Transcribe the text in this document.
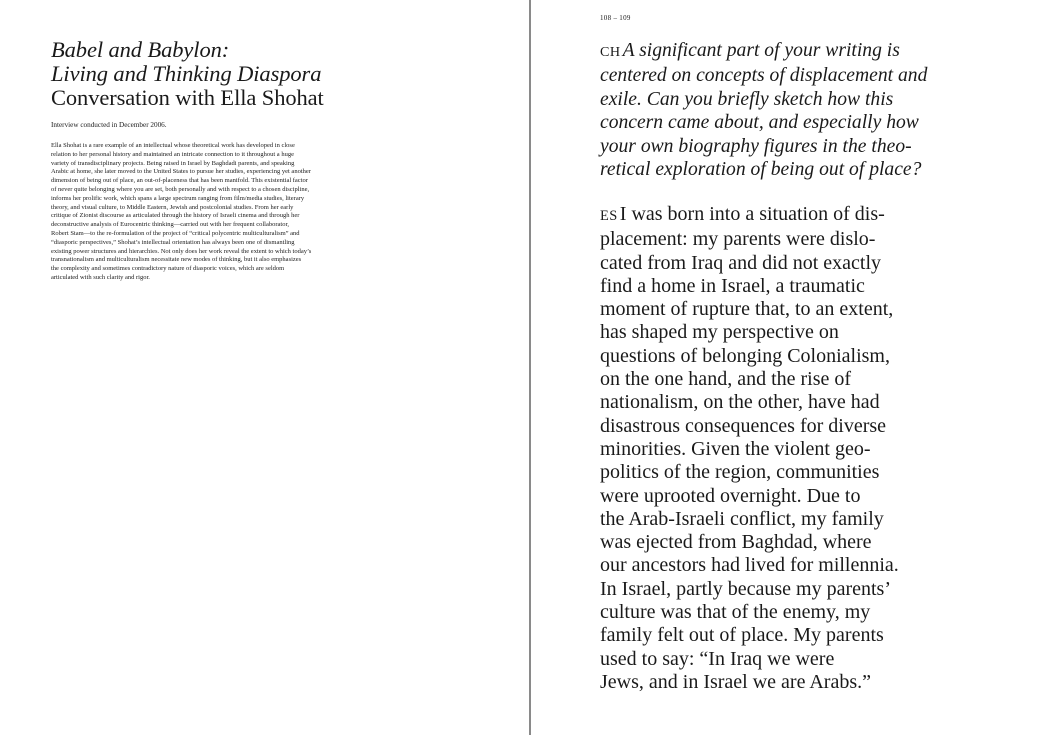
Babel and Babylon:
Living and Thinking Diaspora
Conversation with Ella Shohat
Interview conducted in December 2006.
Ella Shohat is a rare example of an intellectual whose theoretical work has developed in close
relation to her personal history and maintained an intricate connection to it throughout a huge
variety of transdisciplinary projects. Being raised in Israel by Baghdadi parents, and speaking
Arabic at home, she later moved to the United States to pursue her studies, experiencing yet another
dimension of being out of place, an out-of-placeness that has been manifold. This existential factor
of never quite belonging where you are set, both personally and with respect to a chosen discipline,
informs her prolific work, which spans a large spectrum ranging from film/media studies, literary
theory, and visual culture, to Middle Eastern, Jewish and postcolonial studies. From her early
critique of Zionist discourse as articulated through the history of Israeli cinema and through her
deconstructive analysis of Eurocentric thinking—carried out with her frequent collaborator,
Robert Stam—to the re-formulation of the project of “critical polycentric multiculturalism” and
“diasporic perspectives,” Shohat’s intellectual orientation has always been one of dismantling
existing power structures and hierarchies. Not only does her work reveal the extent to which today’s
transnationalism and multiculturalism necessitate new modes of thinking, but it also emphasizes
the complexity and sometimes contradictory nature of diasporic voices, which are seldom
articulated with such clarity and rigor.
108 – 109
CH A significant part of your writing is
centered on concepts of displacement and
exile. Can you briefly sketch how this
concern came about, and especially how
your own biography figures in the theo-
retical exploration of being out of place?
ES I was born into a situation of dis-
placement: my parents were dislo-
cated from Iraq and did not exactly
find a home in Israel, a traumatic
moment of rupture that, to an extent,
has shaped my perspective on
questions of belonging Colonialism,
on the one hand, and the rise of
nationalism, on the other, have had
disastrous consequences for diverse
minorities. Given the violent geo-
politics of the region, communities
were uprooted overnight. Due to
the Arab-Israeli conflict, my family
was ejected from Baghdad, where
our ancestors had lived for millennia.
In Israel, partly because my parents’
culture was that of the enemy, my
family felt out of place. My parents
used to say: “In Iraq we were
Jews, and in Israel we are Arabs.”
